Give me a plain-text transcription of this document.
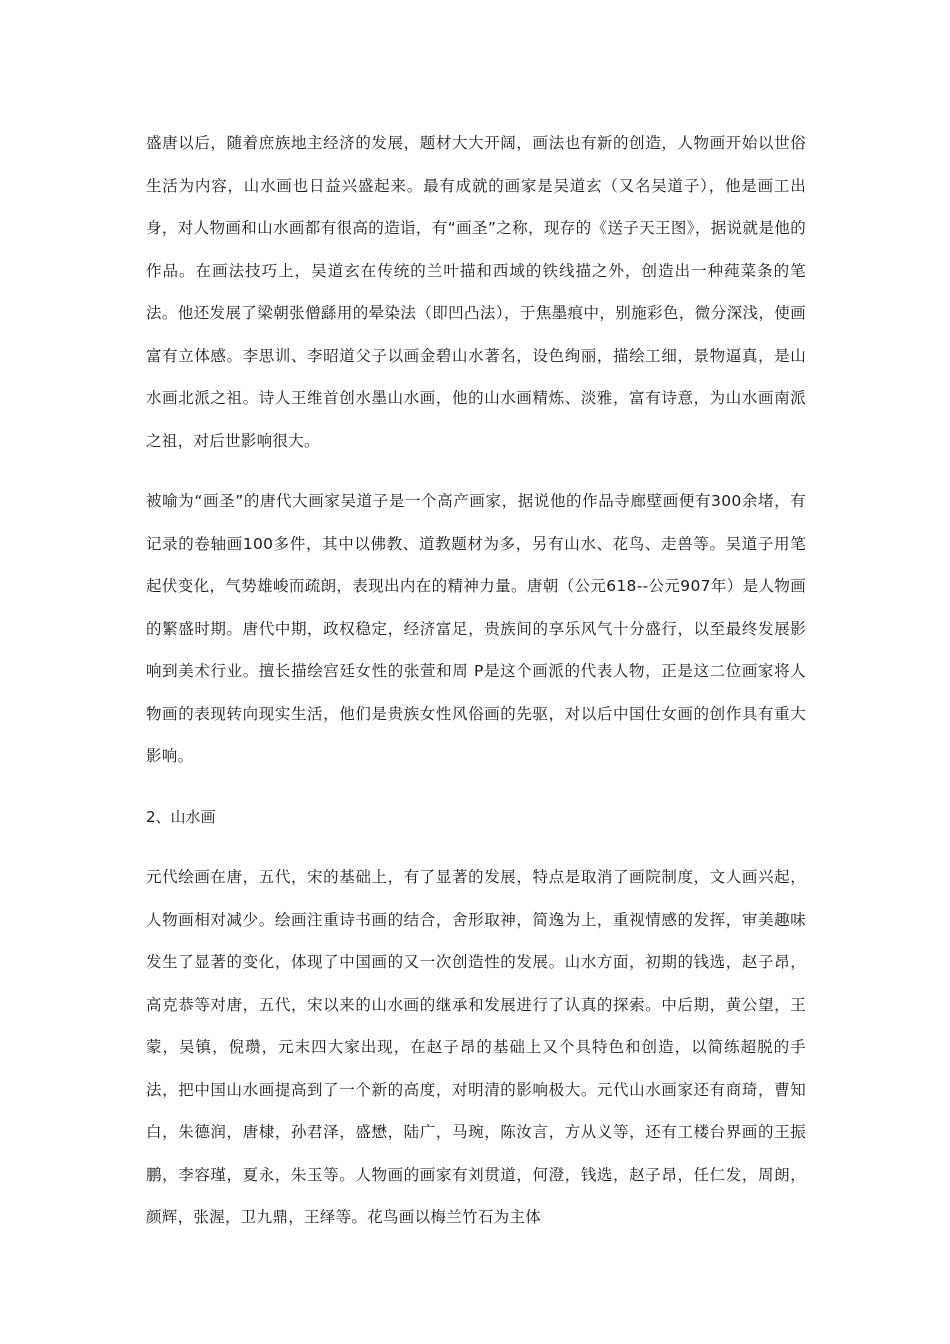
盛唐以后，随着庶族地主经济的发展，题材大大开阔，画法也有新的创造，人物画开始以世俗生活为内容，山水画也日益兴盛起来。最有成就的画家是吴道玄（又名吴道子），他是画工出身，对人物画和山水画都有很高的造诣，有“画圣”之称，现存的《送子天王图》，据说就是他的作品。在画法技巧上，吴道玄在传统的兰叶描和西域的铁线描之外，创造出一种莼菜条的笔法。他还发展了梁朝张僧繇用的晕染法（即凹凸法），于焦墨痕中，别施彩色，微分深浅，使画富有立体感。李思训、李昭道父子以画金碧山水著名，设色绚丽，描绘工细，景物逼真，是山水画北派之祖。诗人王维首创水墨山水画，他的山水画精炼、淡雅，富有诗意，为山水画南派之祖，对后世影响很大。

被喻为“画圣”的唐代大画家吴道子是一个高产画家，据说他的作品寺廊壁画便有300余堵，有记录的卷轴画100多件，其中以佛教、道教题材为多，另有山水、花鸟、走兽等。吴道子用笔起伏变化，气势雄峻而疏朗，表现出内在的精神力量。唐朝（公元618--公元907年）是人物画的繁盛时期。唐代中期，政权稳定，经济富足，贵族间的享乐风气十分盛行，以至最终发展影响到美术行业。擅长描绘宫廷女性的张萱和周 P是这个画派的代表人物，正是这二位画家将人物画的表现转向现实生活，他们是贵族女性风俗画的先驱，对以后中国仕女画的创作具有重大影响。

2、山水画

元代绘画在唐，五代，宋的基础上，有了显著的发展，特点是取消了画院制度，文人画兴起，人物画相对减少。绘画注重诗书画的结合，舍形取神，简逸为上，重视情感的发挥，审美趣味发生了显著的变化，体现了中国画的又一次创造性的发展。山水方面，初期的钱选，赵子昂，高克恭等对唐，五代，宋以来的山水画的继承和发展进行了认真的探索。中后期，黄公望，王蒙，吴镇，倪瓒，元末四大家出现，在赵子昂的基础上又个具特色和创造，以简练超脱的手法，把中国山水画提高到了一个新的高度，对明清的影响极大。元代山水画家还有商琦，曹知白，朱德润，唐棣，孙君泽，盛懋，陆广，马琬，陈汝言，方从义等，还有工楼台界画的王振鹏，李容瑾，夏永，朱玉等。人物画的画家有刘贯道，何澄，钱选，赵子昂，任仁发，周朗，颜辉，张渥，卫九鼎，王绎等。花鸟画以梅兰竹石为主体
